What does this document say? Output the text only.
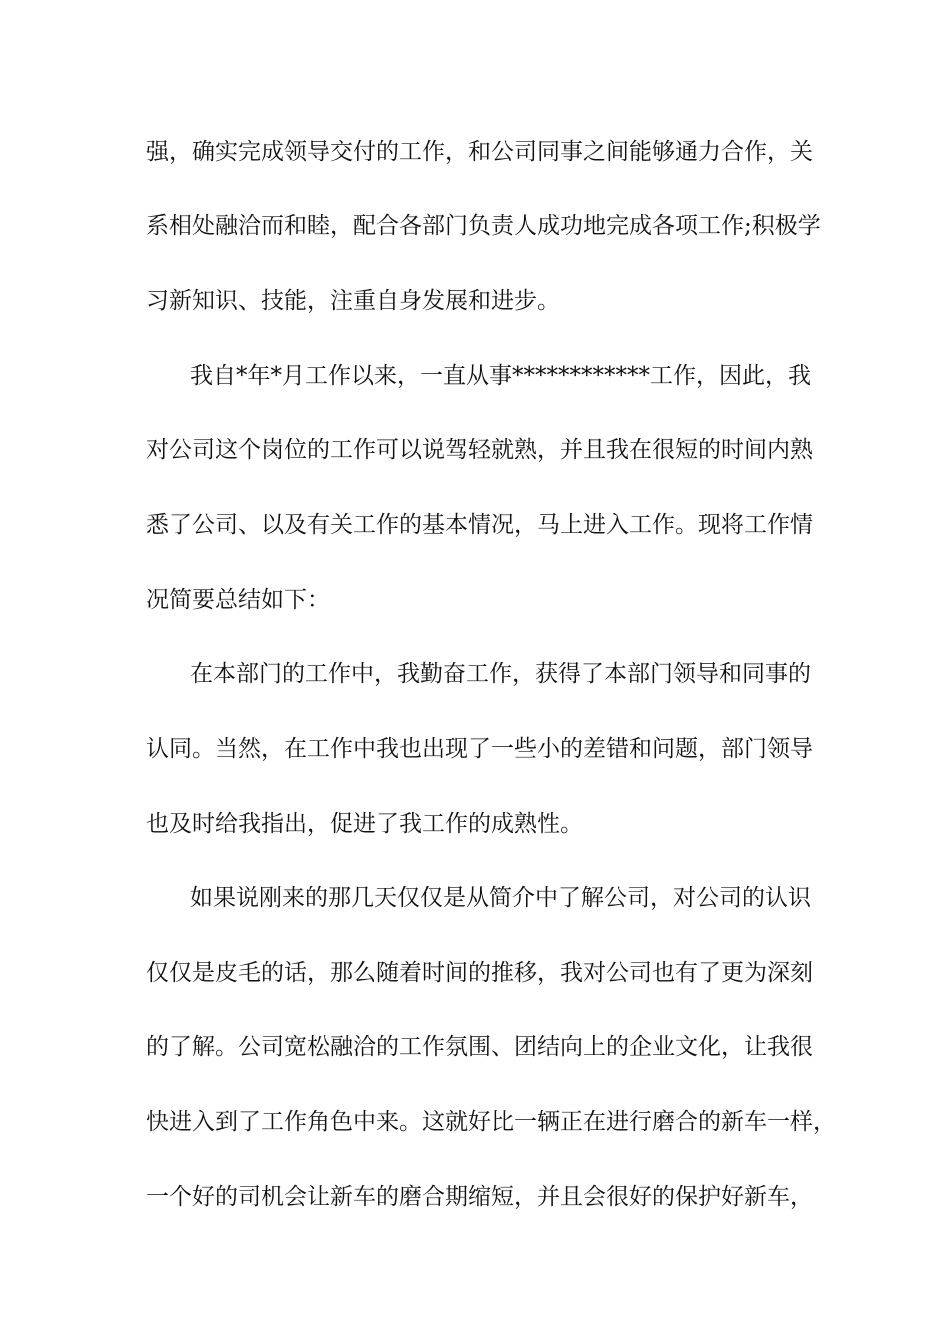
强，确实完成领导交付的工作，和公司同事之间能够通力合作，关
系相处融洽而和睦，配合各部门负责人成功地完成各项工作;积极学
习新知识、技能，注重自身发展和进步。
我自*年*月工作以来，一直从事************工作，因此，我
对公司这个岗位的工作可以说驾轻就熟，并且我在很短的时间内熟
悉了公司、以及有关工作的基本情况，马上进入工作。现将工作情
况简要总结如下：
在本部门的工作中，我勤奋工作，获得了本部门领导和同事的
认同。当然，在工作中我也出现了一些小的差错和问题，部门领导
也及时给我指出，促进了我工作的成熟性。
如果说刚来的那几天仅仅是从简介中了解公司，对公司的认识
仅仅是皮毛的话，那么随着时间的推移，我对公司也有了更为深刻
的了解。公司宽松融洽的工作氛围、团结向上的企业文化，让我很
快进入到了工作角色中来。这就好比一辆正在进行磨合的新车一样，
一个好的司机会让新车的磨合期缩短，并且会很好的保护好新车，
